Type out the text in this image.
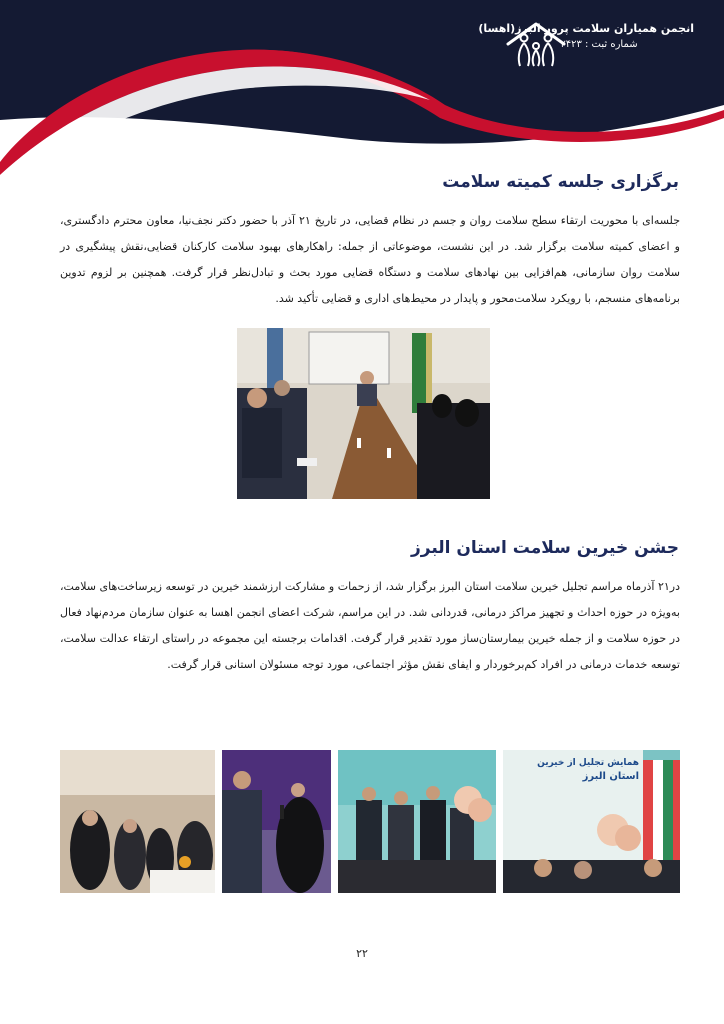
انجمن همیاران سلامت پرور البرز(اهسا)
شماره ثبت : ۲۴۲۳
برگزاری جلسه کمیته سلامت
جلسه‌ای با محوریت ارتقاء سطح سلامت روان و جسم در نظام قضایی، در تاریخ ۲۱ آذر با حضور دکتر نجف‌نیا، معاون محترم دادگستری، و اعضای کمیته سلامت برگزار شد. در این نشست، موضوعاتی از جمله: راهکارهای بهبود سلامت کارکنان قضایی،نقش پیشگیری در سلامت روان سازمانی، هم‌افزایی بین نهادهای سلامت و دستگاه قضایی مورد بحث و تبادل‌نظر قرار گرفت. همچنین بر لزوم تدوین برنامه‌های منسجم، با رویکرد سلامت‌محور و پایدار در محیط‌های اداری و قضایی تأکید شد.
جشن خیرین سلامت استان البرز
در۲۱ آذرماه مراسم تجلیل خیرین سلامت استان البرز برگزار شد، از زحمات و مشارکت ارزشمند خیرین در توسعه زیرساخت‌های سلامت، به‌ویژه در حوزه احداث و تجهیز مراکز درمانی، قدردانی شد. در این مراسم، شرکت اعضای انجمن اهسا به عنوان سازمان مردم‌نهاد فعال در حوزه سلامت و از جمله خیرین بیمارستان‌ساز مورد تقدیر قرار گرفت. اقدامات برجسته این مجموعه در راستای ارتقاء عدالت سلامت، توسعه خدمات درمانی در افراد کم‌برخوردار و ایفای نقش مؤثر اجتماعی، مورد توجه مسئولان استانی قرار گرفت.
همایش تجلیل از خیرین
استان البرز
۲۲
